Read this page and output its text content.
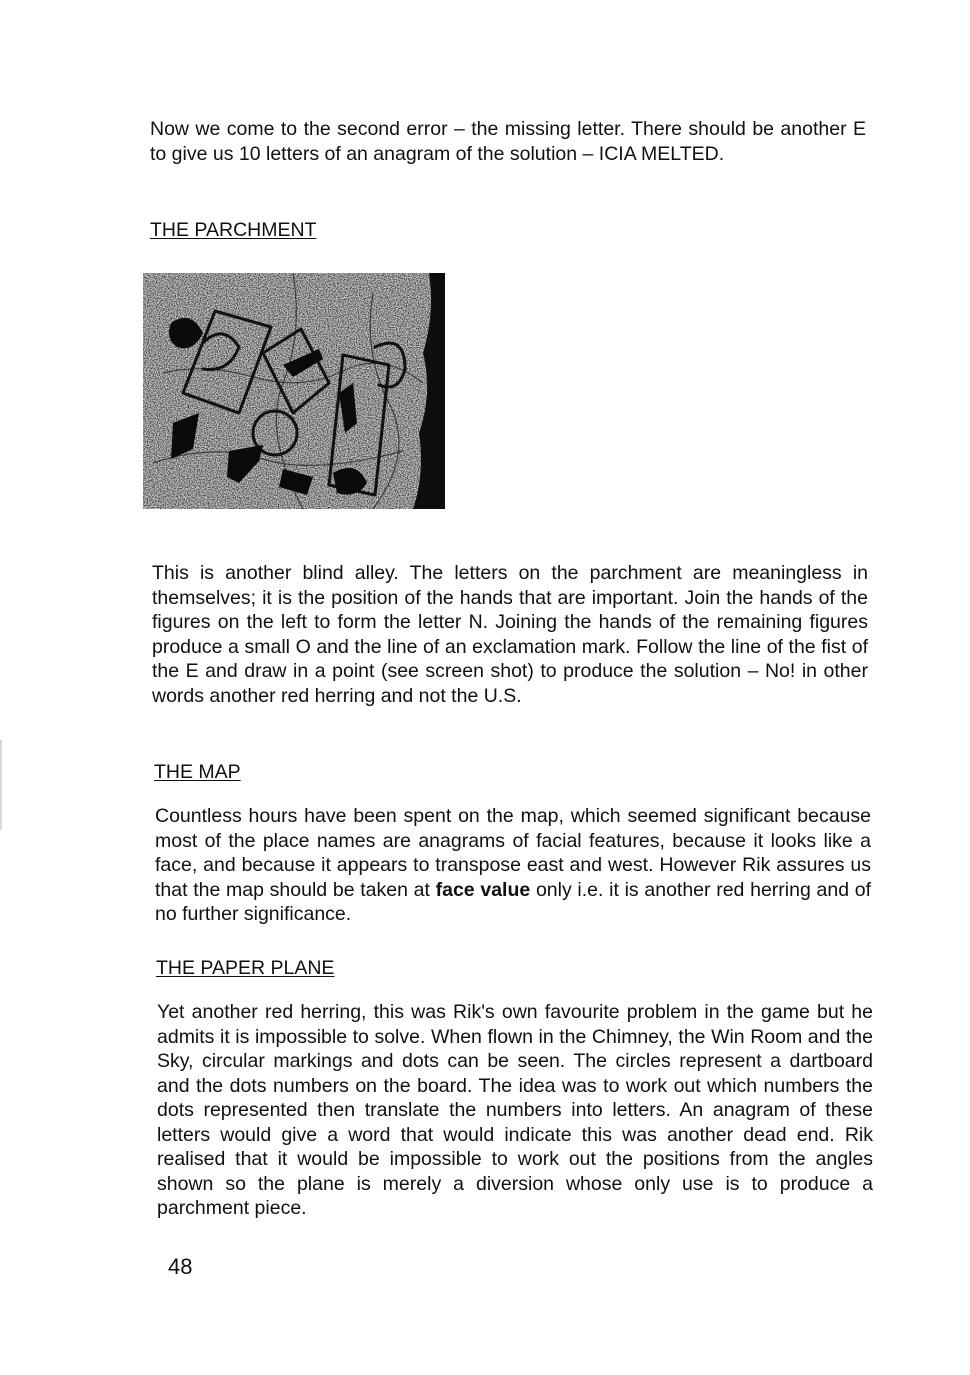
Now we come to the second error – the missing letter. There should be another E to give us 10 letters of an anagram of the solution – ICIA MELTED.

THE PARCHMENT

This is another blind alley. The letters on the parchment are meaningless in themselves; it is the position of the hands that are important. Join the hands of the figures on the left to form the letter N. Joining the hands of the remaining figures produce a small O and the line of an exclamation mark. Follow the line of the fist of the E and draw in a point (see screen shot) to produce the solution – No! in other words another red herring and not the U.S.

THE MAP

Countless hours have been spent on the map, which seemed significant because most of the place names are anagrams of facial features, because it looks like a face, and because it appears to transpose east and west. However Rik assures us that the map should be taken at face value only i.e. it is another red herring and of no further significance.

THE PAPER PLANE

Yet another red herring, this was Rik's own favourite problem in the game but he admits it is impossible to solve. When flown in the Chimney, the Win Room and the Sky, circular markings and dots can be seen. The circles represent a dartboard and the dots numbers on the board. The idea was to work out which numbers the dots represented then translate the numbers into letters. An anagram of these letters would give a word that would indicate this was another dead end. Rik realised that it would be impossible to work out the positions from the angles shown so the plane is merely a diversion whose only use is to produce a parchment piece.

48
